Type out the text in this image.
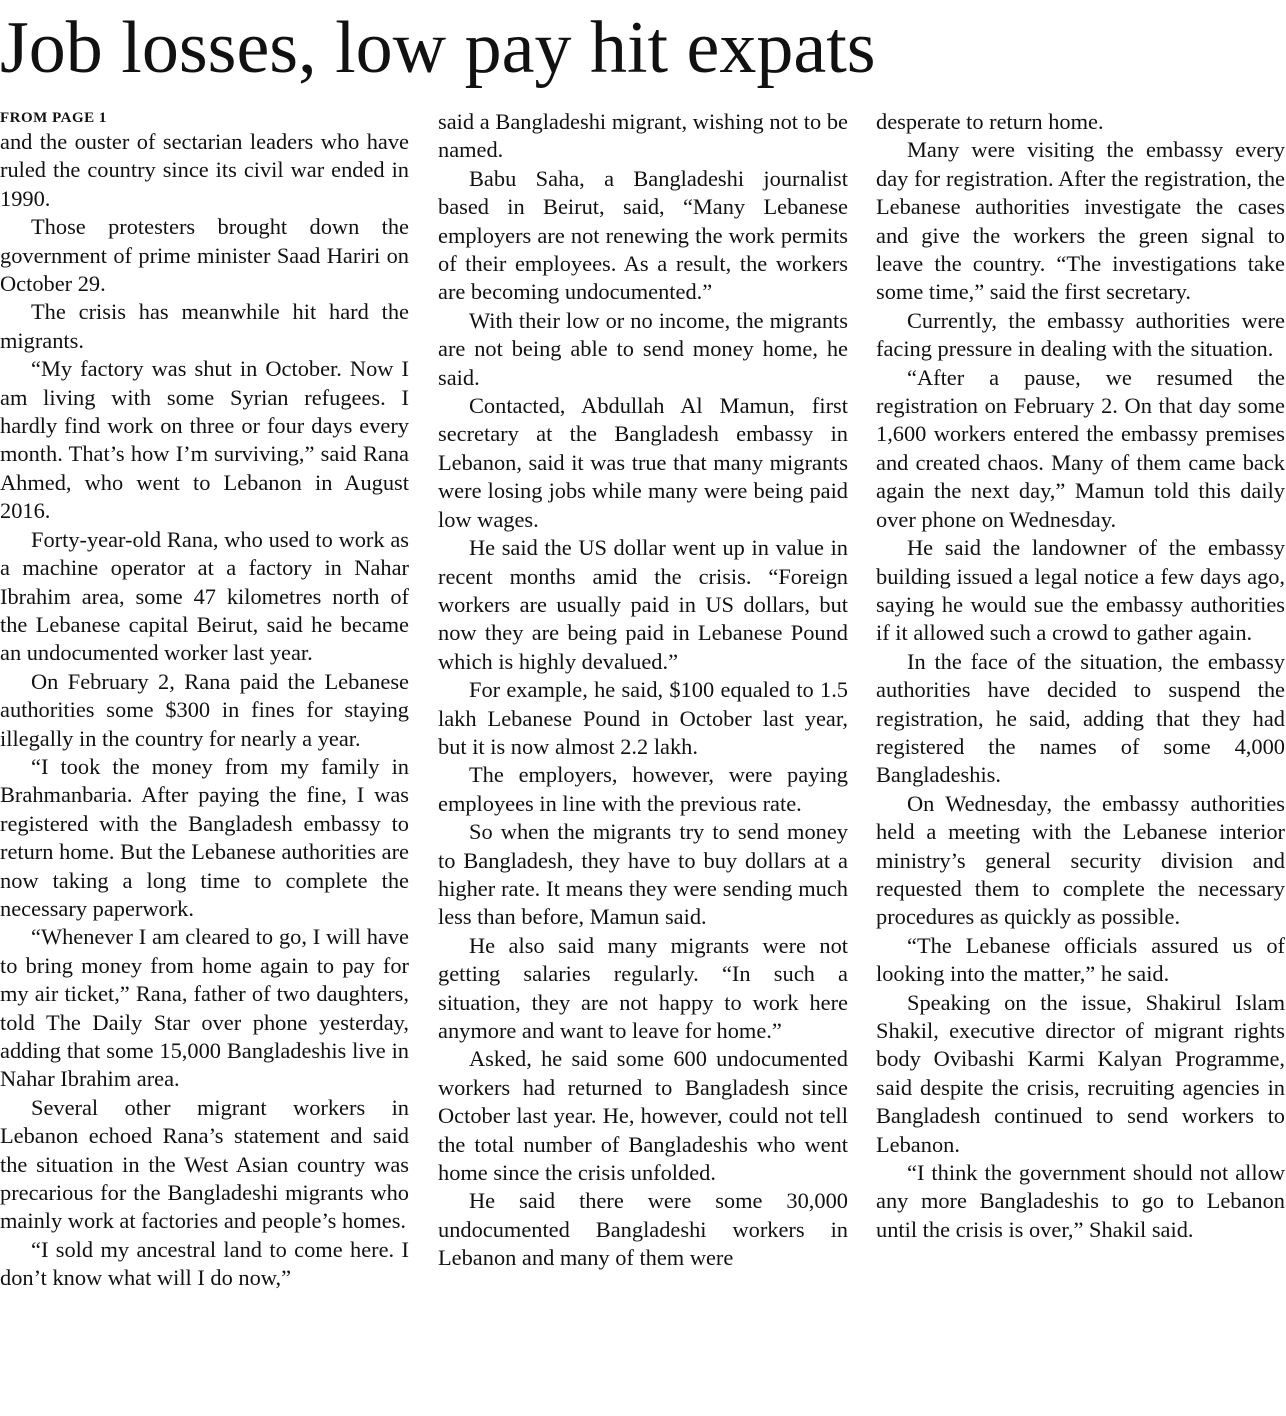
Job losses, low pay hit expats
FROM PAGE 1

and the ouster of sectarian leaders who have ruled the country since its civil war ended in 1990.

Those protesters brought down the government of prime minister Saad Hariri on October 29.

The crisis has meanwhile hit hard the migrants.

“My factory was shut in October. Now I am living with some Syrian refugees. I hardly find work on three or four days every month. That’s how I’m surviving,” said Rana Ahmed, who went to Lebanon in August 2016.

Forty-year-old Rana, who used to work as a machine operator at a factory in Nahar Ibrahim area, some 47 kilometres north of the Lebanese capital Beirut, said he became an undocumented worker last year.

On February 2, Rana paid the Lebanese authorities some $300 in fines for staying illegally in the country for nearly a year.

“I took the money from my family in Brahmanbaria. After paying the fine, I was registered with the Bangladesh embassy to return home. But the Lebanese authorities are now taking a long time to complete the necessary paperwork.

“Whenever I am cleared to go, I will have to bring money from home again to pay for my air ticket,” Rana, father of two daughters, told The Daily Star over phone yesterday, adding that some 15,000 Bangladeshis live in Nahar Ibrahim area.

Several other migrant workers in Lebanon echoed Rana’s statement and said the situation in the West Asian country was precarious for the Bangladeshi migrants who mainly work at factories and people’s homes.

“I sold my ancestral land to come here. I don’t know what will I do now,”

said a Bangladeshi migrant, wishing not to be named.

Babu Saha, a Bangladeshi journalist based in Beirut, said, “Many Lebanese employers are not renewing the work permits of their employees. As a result, the workers are becoming undocumented.”

With their low or no income, the migrants are not being able to send money home, he said.

Contacted, Abdullah Al Mamun, first secretary at the Bangladesh embassy in Lebanon, said it was true that many migrants were losing jobs while many were being paid low wages.

He said the US dollar went up in value in recent months amid the crisis. “Foreign workers are usually paid in US dollars, but now they are being paid in Lebanese Pound which is highly devalued.”

For example, he said, $100 equaled to 1.5 lakh Lebanese Pound in October last year, but it is now almost 2.2 lakh.

The employers, however, were paying employees in line with the previous rate.

So when the migrants try to send money to Bangladesh, they have to buy dollars at a higher rate. It means they were sending much less than before, Mamun said.

He also said many migrants were not getting salaries regularly. “In such a situation, they are not happy to work here anymore and want to leave for home.”

Asked, he said some 600 undocumented workers had returned to Bangladesh since October last year. He, however, could not tell the total number of Bangladeshis who went home since the crisis unfolded.

He said there were some 30,000 undocumented Bangladeshi workers in Lebanon and many of them were

desperate to return home.

Many were visiting the embassy every day for registration. After the registration, the Lebanese authorities investigate the cases and give the workers the green signal to leave the country. “The investigations take some time,” said the first secretary.

Currently, the embassy authorities were facing pressure in dealing with the situation.

“After a pause, we resumed the registration on February 2. On that day some 1,600 workers entered the embassy premises and created chaos. Many of them came back again the next day,” Mamun told this daily over phone on Wednesday.

He said the landowner of the embassy building issued a legal notice a few days ago, saying he would sue the embassy authorities if it allowed such a crowd to gather again.

In the face of the situation, the embassy authorities have decided to suspend the registration, he said, adding that they had registered the names of some 4,000 Bangladeshis.

On Wednesday, the embassy authorities held a meeting with the Lebanese interior ministry’s general security division and requested them to complete the necessary procedures as quickly as possible.

“The Lebanese officials assured us of looking into the matter,” he said.

Speaking on the issue, Shakirul Islam Shakil, executive director of migrant rights body Ovibashi Karmi Kalyan Programme, said despite the crisis, recruiting agencies in Bangladesh continued to send workers to Lebanon.

“I think the government should not allow any more Bangladeshis to go to Lebanon until the crisis is over,” Shakil said.
